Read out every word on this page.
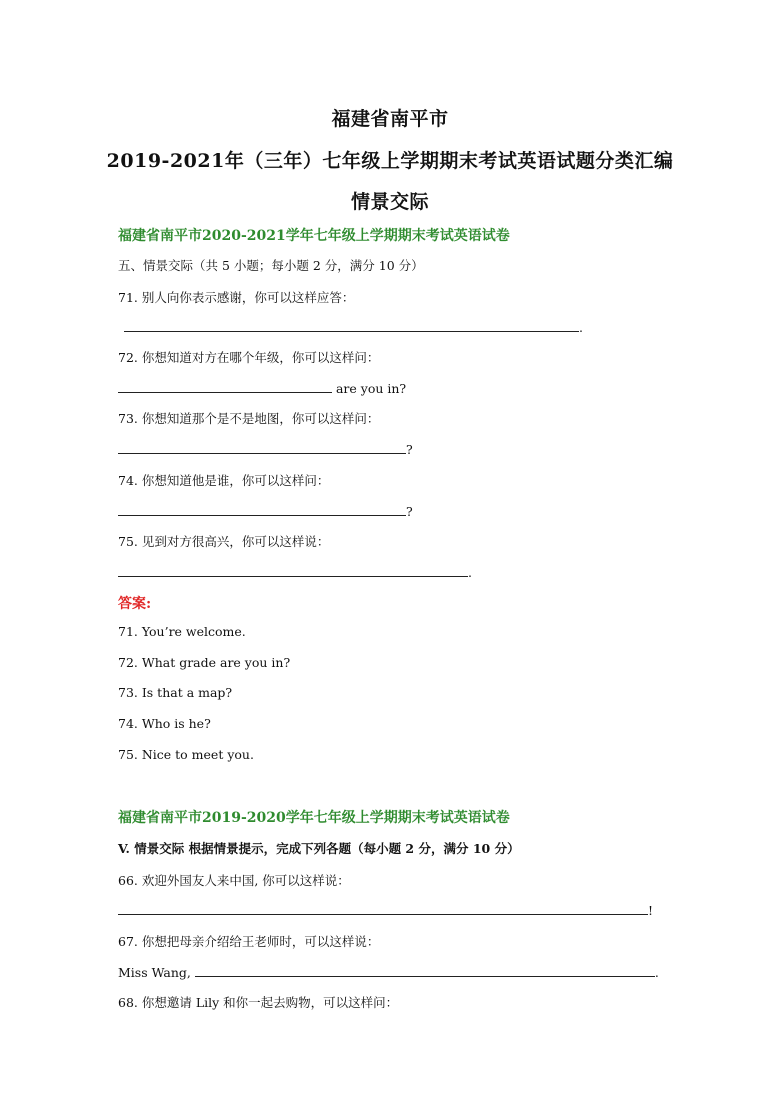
福建省南平市
2019-2021年（三年）七年级上学期期末考试英语试题分类汇编
情景交际
福建省南平市2020-2021学年七年级上学期期末考试英语试卷
五、情景交际（共 5 小题；每小题 2 分，满分 10 分）
71. 别人向你表示感谢，你可以这样应答：
.
72. 你想知道对方在哪个年级，你可以这样问：
are you in?
73. 你想知道那个是不是地图，你可以这样问：
?
74. 你想知道他是谁，你可以这样问：
?
75. 见到对方很高兴，你可以这样说：
.
答案:
71. You’re welcome.
72. What grade are you in?
73. Is that a map?
74. Who is he?
75. Nice to meet you.
福建省南平市2019-2020学年七年级上学期期末考试英语试卷
V. 情景交际 根据情景提示，完成下列各题（每小题 2 分，满分 10 分）
66. 欢迎外国友人来中国, 你可以这样说：
!
67. 你想把母亲介绍给王老师时，可以这样说：
Miss Wang,	.
68. 你想邀请 Lily 和你一起去购物，可以这样问：
